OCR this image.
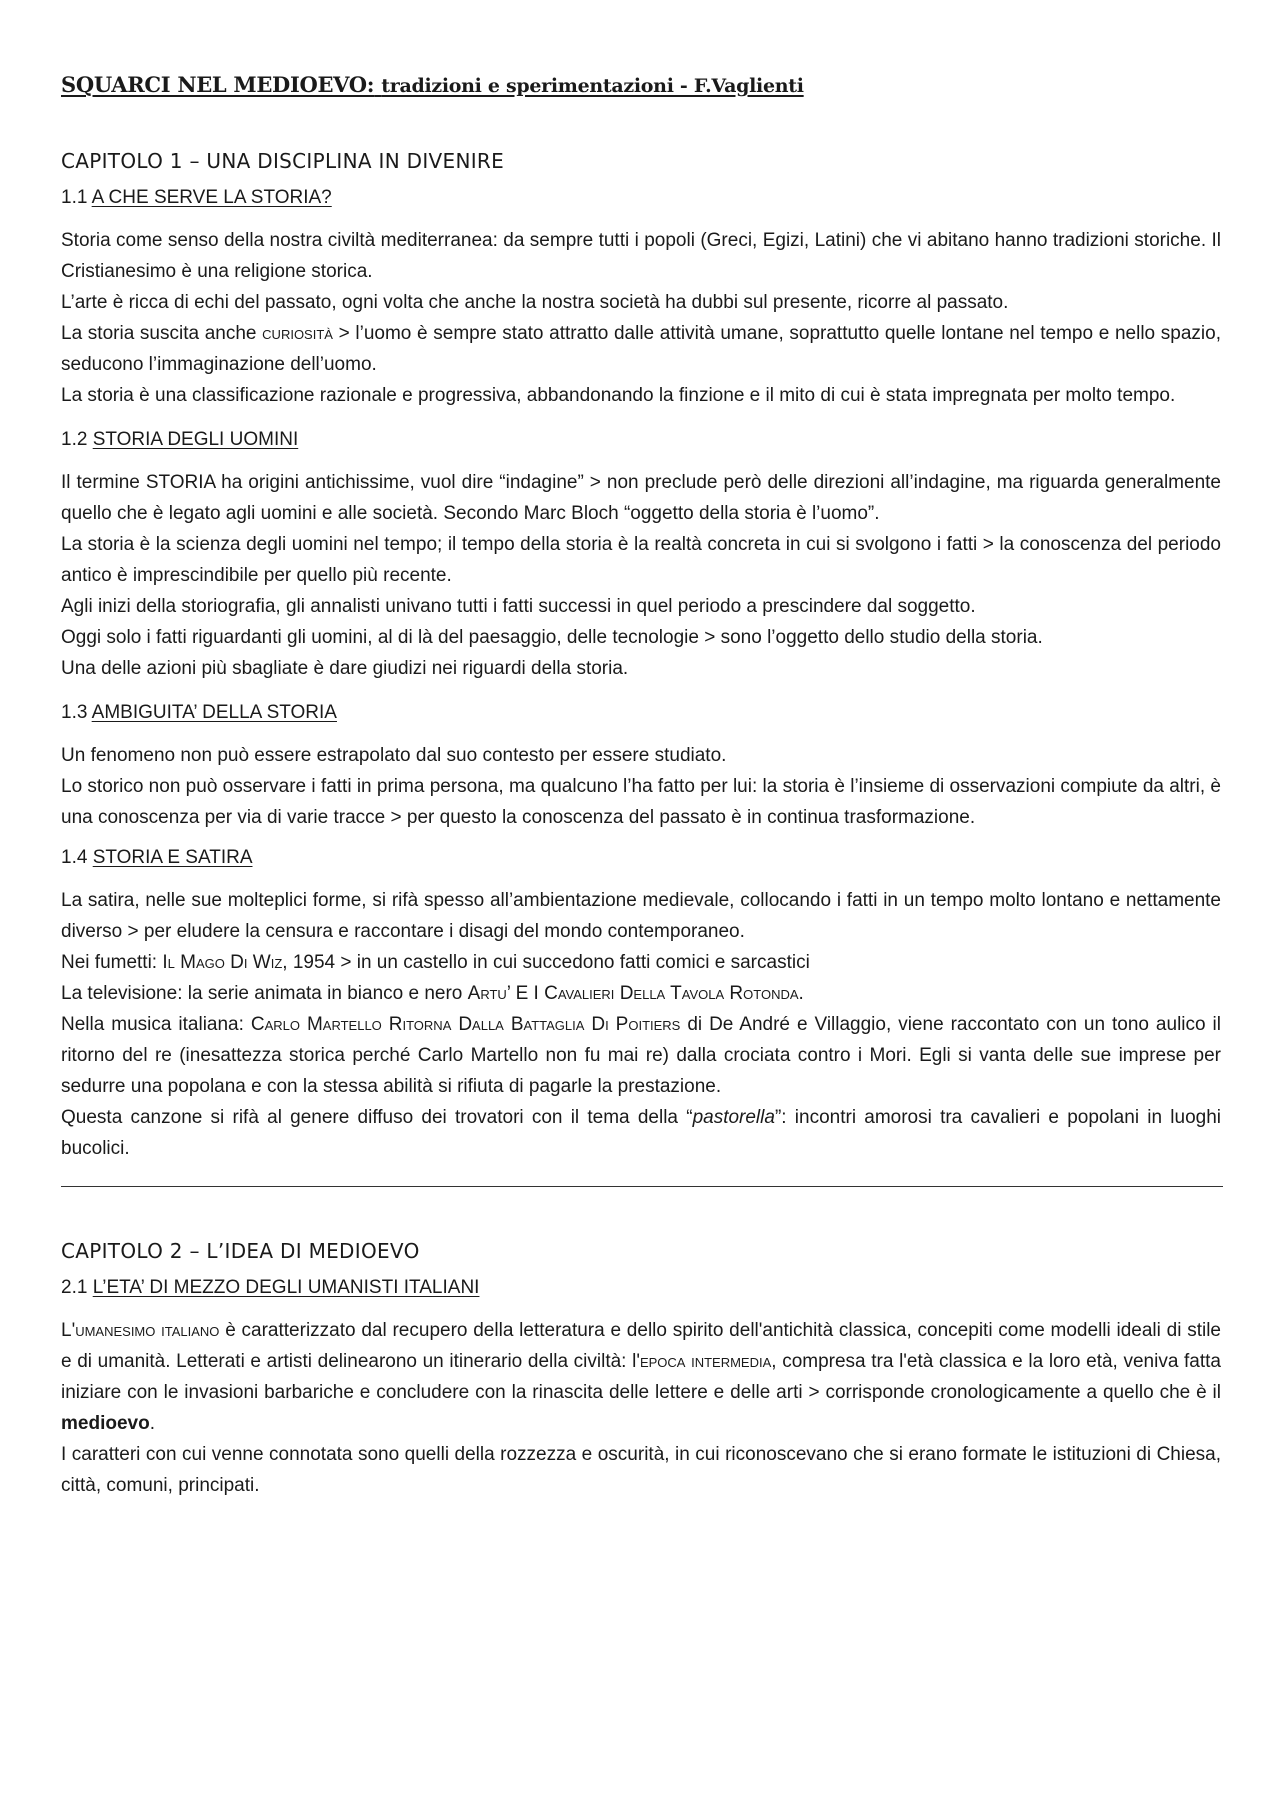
SQUARCI NEL MEDIOEVO: tradizioni e sperimentazioni - F.Vaglienti
CAPITOLO 1 – UNA DISCIPLINA IN DIVENIRE
1.1 A CHE SERVE LA STORIA?

Storia come senso della nostra civiltà mediterranea: da sempre tutti i popoli (Greci, Egizi, Latini) che vi abitano hanno tradizioni storiche. Il Cristianesimo è una religione storica.

L’arte è ricca di echi del passato, ogni volta che anche la nostra società ha dubbi sul presente, ricorre al passato.

La storia suscita anche curiosità > l’uomo è sempre stato attratto dalle attività umane, soprattutto quelle lontane nel tempo e nello spazio, seducono l’immaginazione dell’uomo.

La storia è una classificazione razionale e progressiva, abbandonando la finzione e il mito di cui è stata impregnata per molto tempo.

1.2 STORIA DEGLI UOMINI

Il termine STORIA ha origini antichissime, vuol dire “indagine” > non preclude però delle direzioni all’indagine, ma riguarda generalmente quello che è legato agli uomini e alle società. Secondo Marc Bloch “oggetto della storia è l’uomo”.

La storia è la scienza degli uomini nel tempo; il tempo della storia è la realtà concreta in cui si svolgono i fatti > la conoscenza del periodo antico è imprescindibile per quello più recente.

Agli inizi della storiografia, gli annalisti univano tutti i fatti successi in quel periodo a prescindere dal soggetto.

Oggi solo i fatti riguardanti gli uomini, al di là del paesaggio, delle tecnologie > sono l’oggetto dello studio della storia.

Una delle azioni più sbagliate è dare giudizi nei riguardi della storia.

1.3 AMBIGUITA’ DELLA STORIA

Un fenomeno non può essere estrapolato dal suo contesto per essere studiato.

Lo storico non può osservare i fatti in prima persona, ma qualcuno l’ha fatto per lui: la storia è l’insieme di osservazioni compiute da altri, è una conoscenza per via di varie tracce > per questo la conoscenza del passato è in continua trasformazione.

1.4 STORIA E SATIRA

La satira, nelle sue molteplici forme, si rifà spesso all’ambientazione medievale, collocando i fatti in un tempo molto lontano e nettamente diverso > per eludere la censura e raccontare i disagi del mondo contemporaneo.

Nei fumetti: Il Mago Di Wiz, 1954 > in un castello in cui succedono fatti comici e sarcastici

La televisione: la serie animata in bianco e nero Artu’ E I Cavalieri Della Tavola Rotonda.

Nella musica italiana: Carlo Martello Ritorna Dalla Battaglia Di Poitiers di De André e Villaggio, viene raccontato con un tono aulico il ritorno del re (inesattezza storica perché Carlo Martello non fu mai re) dalla crociata contro i Mori. Egli si vanta delle sue imprese per sedurre una popolana e con la stessa abilità si rifiuta di pagarle la prestazione.

Questa canzone si rifà al genere diffuso dei trovatori con il tema della “pastorella”: incontri amorosi tra cavalieri e popolani in luoghi bucolici.

CAPITOLO 2 – L’IDEA DI MEDIOEVO
2.1 L’ETA’ DI MEZZO DEGLI UMANISTI ITALIANI

L'umanesimo italiano è caratterizzato dal recupero della letteratura e dello spirito dell'antichità classica, concepiti come modelli ideali di stile e di umanità. Letterati e artisti delinearono un itinerario della civiltà: l'epoca intermedia, compresa tra l'età classica e la loro età, veniva fatta iniziare con le invasioni barbariche e concludere con la rinascita delle lettere e delle arti > corrisponde cronologicamente a quello che è il medioevo.

I caratteri con cui venne connotata sono quelli della rozzezza e oscurità, in cui riconoscevano che si erano formate le istituzioni di Chiesa, città, comuni, principati.
